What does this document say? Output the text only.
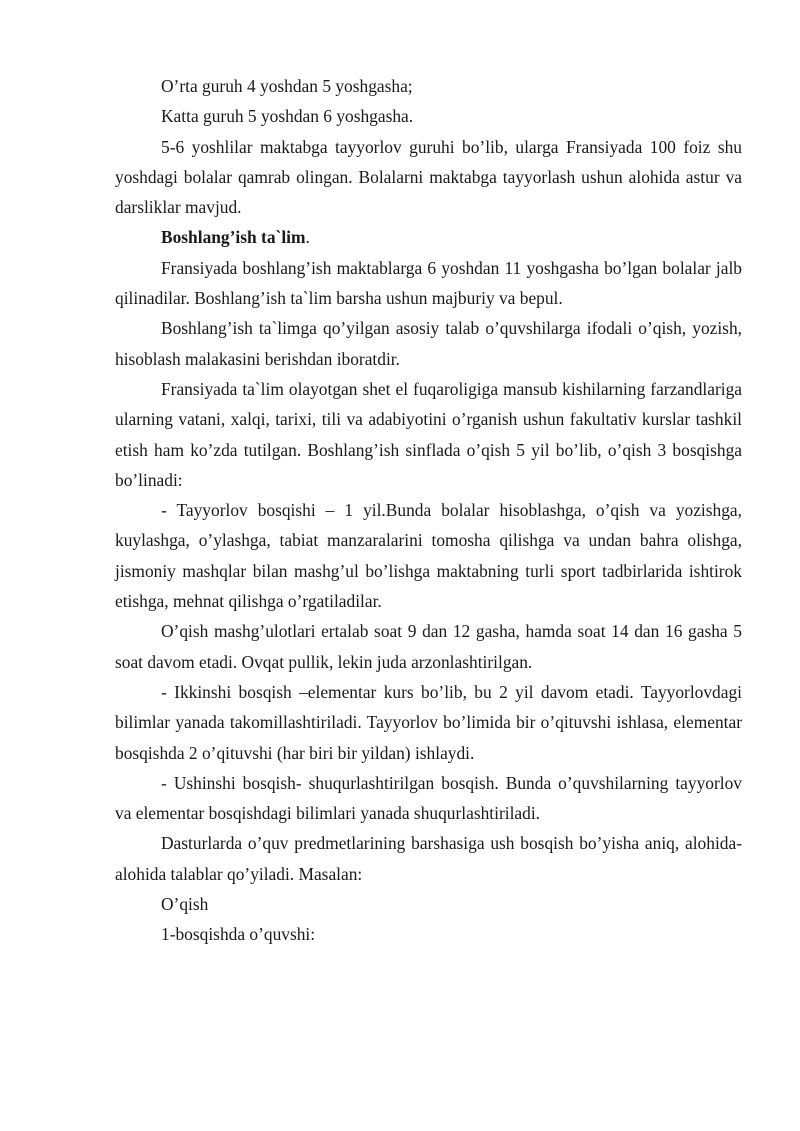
O’rta guruh 4 yoshdan 5 yoshgasha;

Katta guruh 5 yoshdan 6 yoshgasha.

5-6 yoshlilar maktabga tayyorlov guruhi bo’lib, ularga Fransiyada 100 foiz shu yoshdagi bolalar qamrab olingan. Bolalarni maktabga tayyorlash ushun alohida astur va darsliklar mavjud.

Boshlang’ish ta`lim.

Fransiyada boshlang’ish maktablarga 6 yoshdan 11 yoshgasha bo’lgan bolalar jalb qilinadilar. Boshlang’ish ta`lim barsha ushun majburiy va bepul.

Boshlang’ish ta`limga qo’yilgan asosiy talab o’quvshilarga ifodali o’qish, yozish, hisoblash malakasini berishdan iboratdir.

Fransiyada ta`lim olayotgan shet el fuqaroligiga mansub kishilarning farzandlariga ularning vatani, xalqi, tarixi, tili va adabiyotini o’rganish ushun fakultativ kurslar tashkil etish ham ko’zda tutilgan. Boshlang’ish sinflada o’qish 5 yil bo’lib, o’qish 3 bosqishga bo’linadi:

- Tayyorlov bosqishi – 1 yil.Bunda bolalar hisoblashga, o’qish va yozishga, kuylashga, o’ylashga, tabiat manzaralarini tomosha qilishga va undan bahra olishga, jismoniy mashqlar bilan mashg’ul bo’lishga maktabning turli sport tadbirlarida ishtirok etishga, mehnat qilishga o’rgatiladilar.

O’qish mashg’ulotlari ertalab soat 9 dan 12 gasha, hamda soat 14 dan 16 gasha 5 soat davom etadi. Ovqat pullik, lekin juda arzonlashtirilgan.

- Ikkinshi bosqish –elementar kurs bo’lib, bu 2 yil davom etadi. Tayyorlovdagi bilimlar yanada takomillashtiriladi. Tayyorlov bo’limida bir o’qituvshi ishlasa, elementar bosqishda 2 o’qituvshi (har biri bir yildan) ishlaydi.

- Ushinshi bosqish- shuqurlashtirilgan bosqish. Bunda o’quvshilarning tayyorlov va elementar bosqishdagi bilimlari yanada shuqurlashtiriladi.

Dasturlarda o’quv predmetlarining barshasiga ush bosqish bo’yisha aniq, alohida-alohida talablar qo’yiladi. Masalan:

O’qish

1-bosqishda o’quvshi:
